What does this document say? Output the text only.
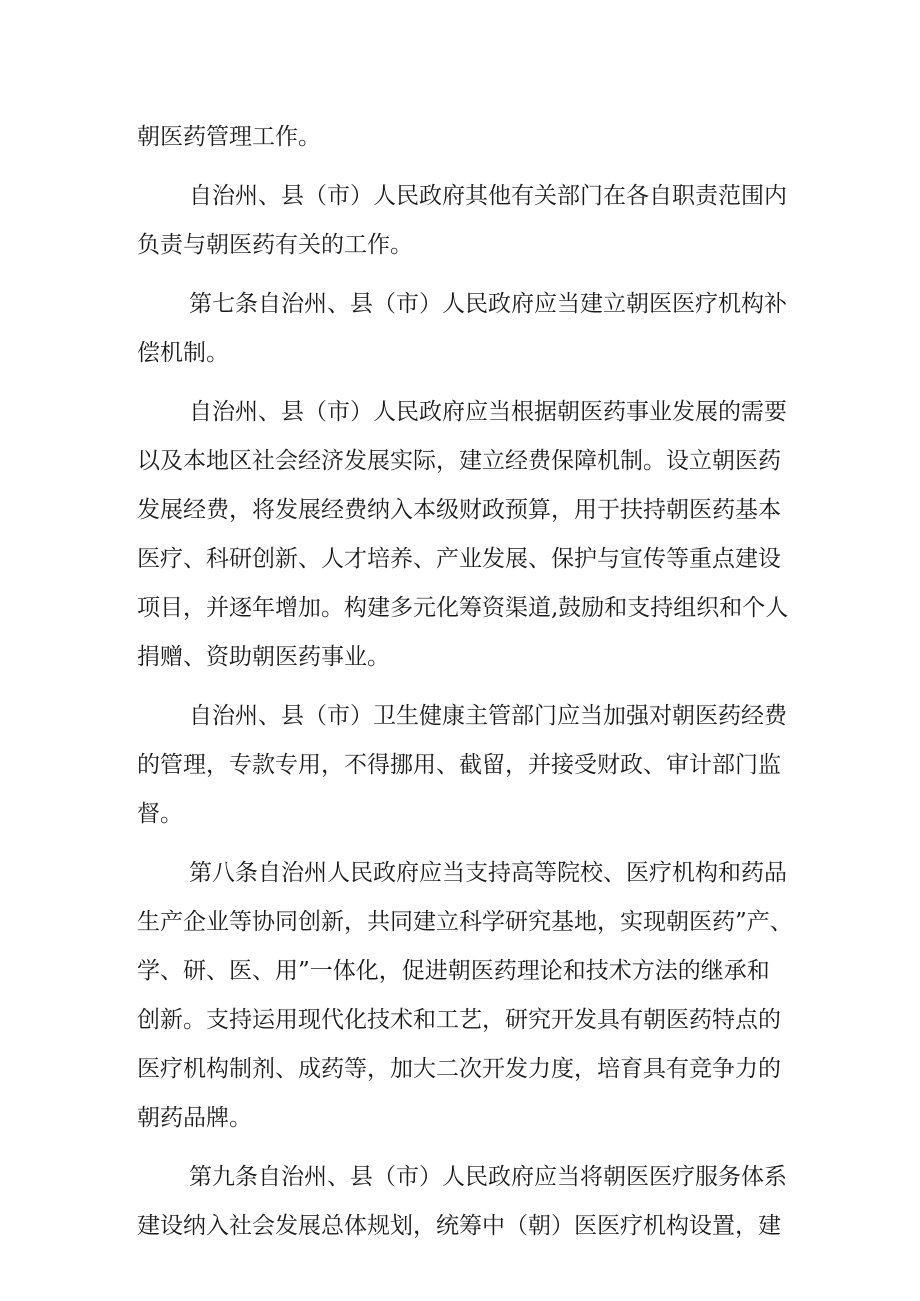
朝医药管理工作。
自治州、县（市）人民政府其他有关部门在各自职责范围内
负责与朝医药有关的工作。
第七条自治州、县（市）人民政府应当建立朝医医疗机构补
偿机制。
自治州、县（市）人民政府应当根据朝医药事业发展的需要
以及本地区社会经济发展实际，建立经费保障机制。设立朝医药
发展经费，将发展经费纳入本级财政预算，用于扶持朝医药基本
医疗、科研创新、人才培养、产业发展、保护与宣传等重点建设
项目，并逐年增加。构建多元化筹资渠道,鼓励和支持组织和个人
捐赠、资助朝医药事业。
自治州、县（市）卫生健康主管部门应当加强对朝医药经费
的管理，专款专用，不得挪用、截留，并接受财政、审计部门监
督。
第八条自治州人民政府应当支持高等院校、医疗机构和药品
生产企业等协同创新，共同建立科学研究基地，实现朝医药”产、
学、研、医、用”一体化，促进朝医药理论和技术方法的继承和
创新。支持运用现代化技术和工艺，研究开发具有朝医药特点的
医疗机构制剂、成药等，加大二次开发力度，培育具有竞争力的
朝药品牌。
第九条自治州、县（市）人民政府应当将朝医医疗服务体系
建设纳入社会发展总体规划，统筹中（朝）医医疗机构设置，建
